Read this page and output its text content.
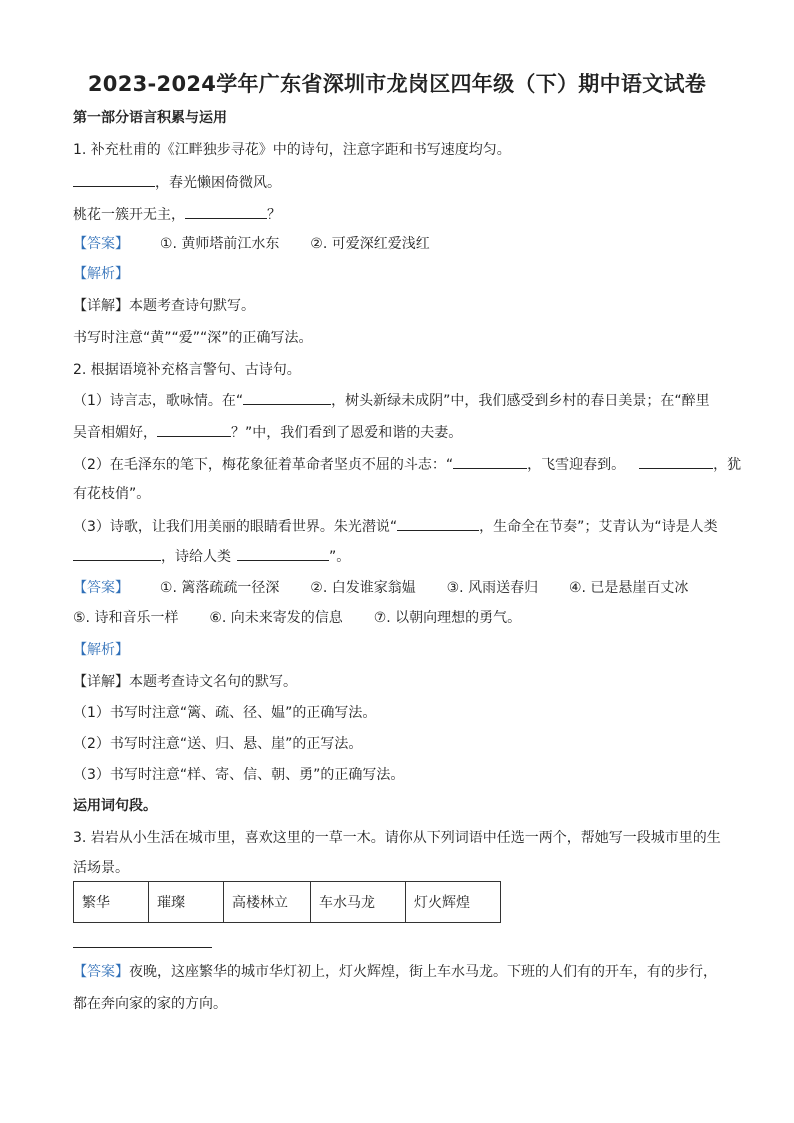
2023-2024学年广东省深圳市龙岗区四年级（下）期中语文试卷
第一部分语言积累与运用
1. 补充杜甫的《江畔独步寻花》中的诗句，注意字距和书写速度均匀。
，春光懒困倚微风。
桃花一簇开无主，	？
【答案】 ①. 黄师塔前江水东 ②. 可爱深红爱浅红
【解析】
【详解】本题考查诗句默写。
书写时注意“黄”“爱”“深”的正确写法。
2. 根据语境补充格言警句、古诗句。
（1）诗言志，歌咏情。在“	，树头新绿未成阴”中，我们感受到乡村的春日美景；在“醉里
吴音相媚好，	？”中，我们看到了恩爱和谐的夫妻。
（2）在毛泽东的笔下，梅花象征着革命者坚贞不屈的斗志：“	，飞雪迎春到。	，犹
有花枝俏”。
（3）诗歌，让我们用美丽的眼睛看世界。朱光潜说“	，生命全在节奏”；艾青认为“诗是人类
，诗给人类	”。
【答案】 ①. 篱落疏疏一径深 ②. 白发谁家翁媪 ③. 风雨送春归 ④. 已是悬崖百丈冰
⑤. 诗和音乐一样 ⑥. 向未来寄发的信息 ⑦. 以朝向理想的勇气。
【解析】
【详解】本题考查诗文名句的默写。
（1）书写时注意“篱、疏、径、媪”的正确写法。
（2）书写时注意“送、归、悬、崖”的正写法。
（3）书写时注意“样、寄、信、朝、勇”的正确写法。
运用词句段。
3. 岩岩从小生活在城市里，喜欢这里的一草一木。请你从下列词语中任选一两个，帮她写一段城市里的生
活场景。
繁华	璀璨	高楼林立	车水马龙	灯火辉煌
【答案】夜晚，这座繁华的城市华灯初上，灯火辉煌，街上车水马龙。下班的人们有的开车，有的步行，
都在奔向家的家的方向。
